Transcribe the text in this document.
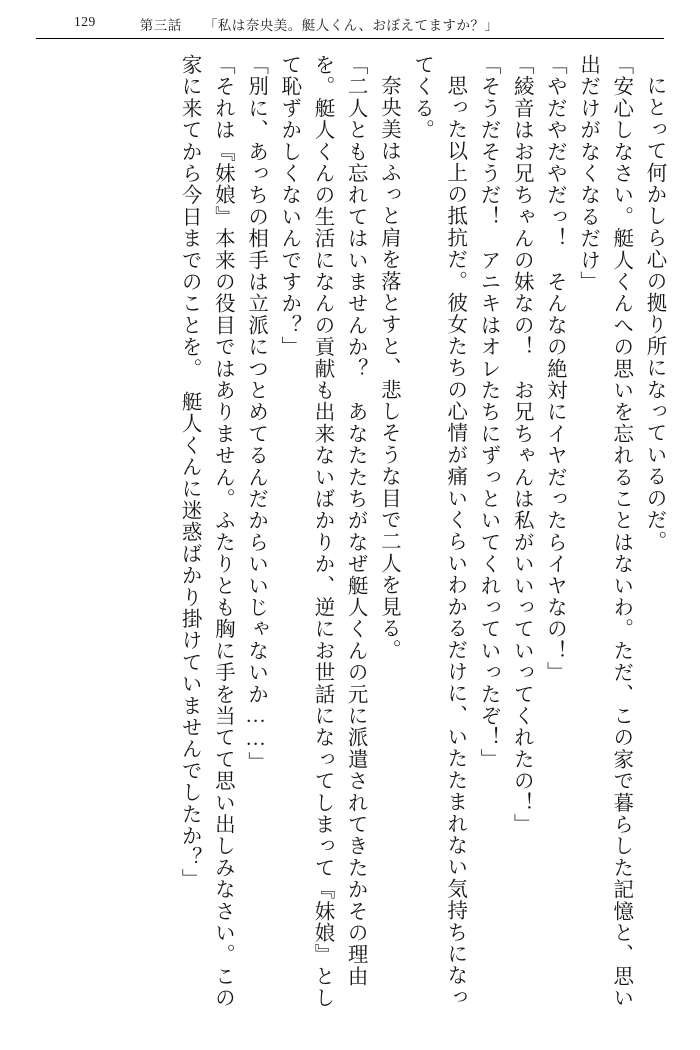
129	第三話 「私は奈央美。艇人くん、おぼえてますか？」

にとって何かしら心の拠り所になっているのだ。

「安心しなさい。艇人くんへの思いを忘れることはないわ。ただ、この家で暮らした記憶と、思い出だけがなくなるだけ」

「やだやだやだっ！　そんなの絶対にイヤだったらイヤなの！」

「綾音はお兄ちゃんの妹なの！　お兄ちゃんは私がいいっていってくれたの！」

「そうだそうだ！　アニキはオレたちにずっといてくれっていったぞ！」

思った以上の抵抗だ。彼女たちの心情が痛いくらいわかるだけに、いたたまれない気持ちになってくる。

奈央美はふっと肩を落とすと、悲しそうな目で二人を見る。

「二人とも忘れてはいませんか？　あなたたちがなぜ艇人くんの元に派遣されてきたかその理由を。艇人くんの生活になんの貢献も出来ないばかりか、逆にお世話になってしまって『妹娘』として恥ずかしくないんですか？」

「別に、あっちの相手は立派につとめてるんだからいいじゃないか……」

「それは『妹娘』本来の役目ではありません。ふたりとも胸に手を当てて思い出しみなさい。この家に来てから今日までのことを。　艇人くんに迷惑ばかり掛けていませんでしたか？」
